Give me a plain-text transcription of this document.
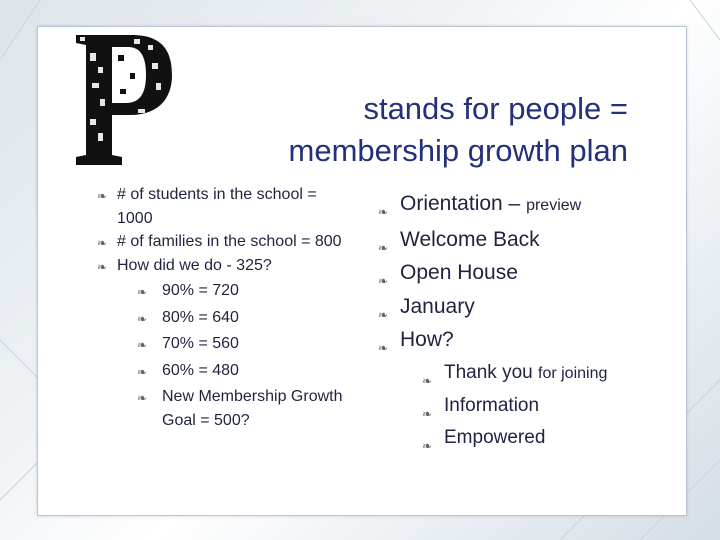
stands for people =
membership growth plan
❧ # of students in the school = 1000
❧ # of families in the school = 800
❧ How did we do - 325?
❧ 90% = 720
❧ 80% = 640
❧ 70% = 560
❧ 60% = 480
❧ New Membership Growth Goal = 500?
❧ Orientation – preview
❧ Welcome Back
❧ Open House
❧ January
❧ How?
❧ Thank you for joining
❧ Information
❧ Empowered
